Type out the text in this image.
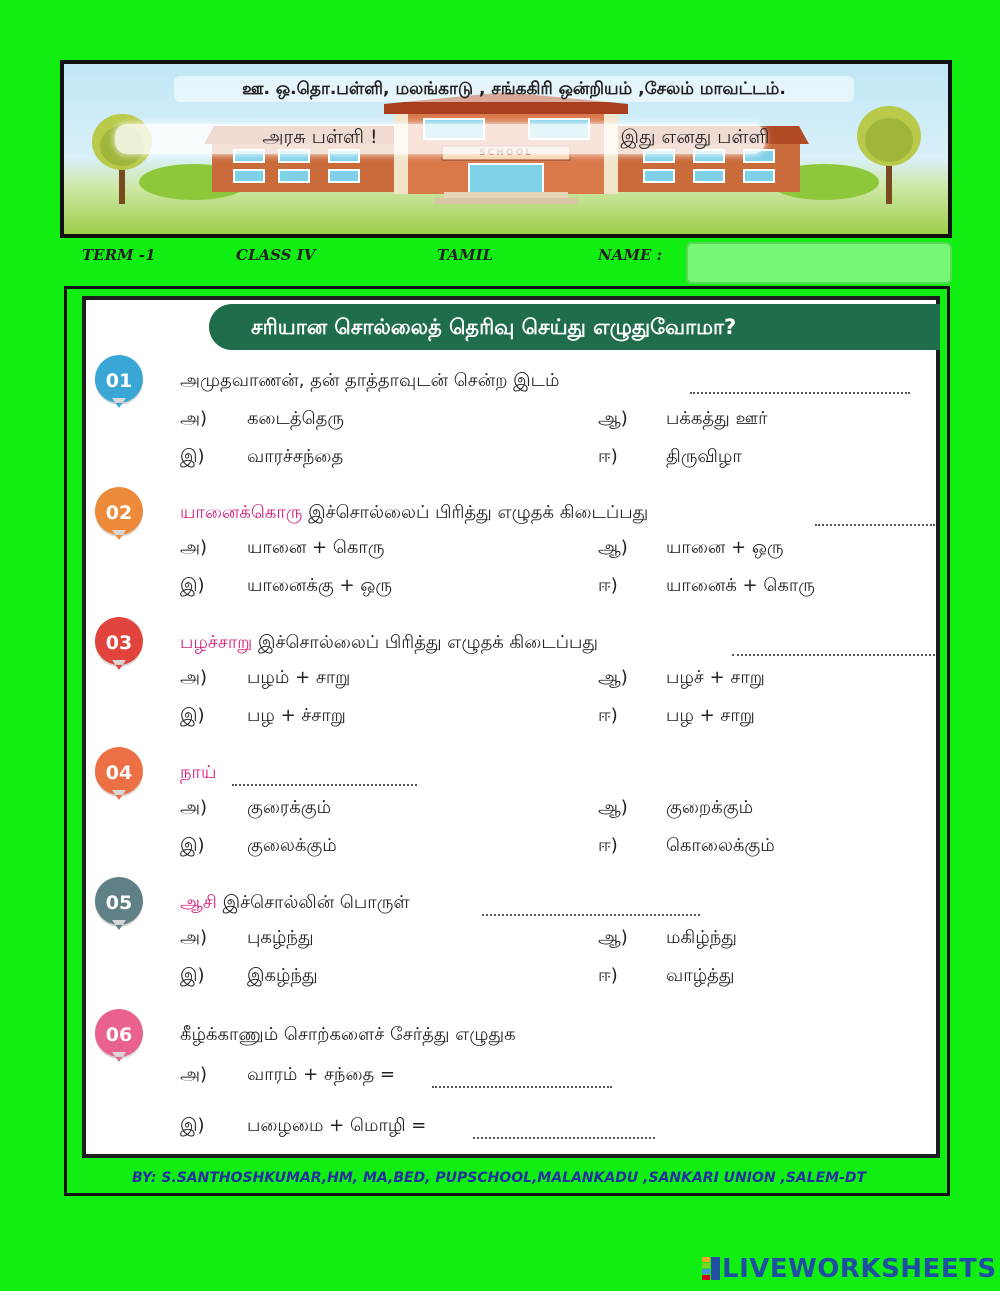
ஊ. ஒ.தொ.பள்ளி, மலங்காடு , சங்ககிரி ஒன்றியம் ,சேலம் மாவட்டம்.
அரசு பள்ளி !	இது எனது பள்ளி
TERM -1	CLASS IV	TAMIL	NAME :
சரியான சொல்லைத் தெரிவு செய்து எழுதுவோமா?
01	அமுதவாணன், தன் தாத்தாவுடன் சென்ற இடம்
அ) கடைத்தெரு	ஆ) பக்கத்து ஊர்
இ) வாரச்சந்தை	ஈ)	திருவிழா
02	யானைக்கொரு இச்சொல்லைப் பிரித்து எழுதக் கிடைப்பது
அ) யானை + கொரு	ஆ) யானை + ஒரு
இ) யானைக்கு + ஒரு	ஈ)	யானைக் + கொரு
03	பழச்சாறு இச்சொல்லைப் பிரித்து எழுதக் கிடைப்பது
அ) பழம் + சாறு	ஆ) பழச் + சாறு
இ) பழ + ச்சாறு	ஈ)	பழ + சாறு
04	நாய்
அ) குரைக்கும்	ஆ) குறைக்கும்
இ) குலைக்கும்	ஈ)	கொலைக்கும்
05	ஆசி இச்சொல்லின் பொருள்
அ) புகழ்ந்து	ஆ) மகிழ்ந்து
இ) இகழ்ந்து	ஈ)	வாழ்த்து
06	கீழ்க்காணும் சொற்களைச் சேர்த்து எழுதுக
அ) வாரம் + சந்தை =
இ) பழைமை + மொழி =
BY: S.SANTHOSHKUMAR,HM, MA,BED, PUPSCHOOL,MALANKADU ,SANKARI UNION ,SALEM-DT
LIVEWORKSHEETS
